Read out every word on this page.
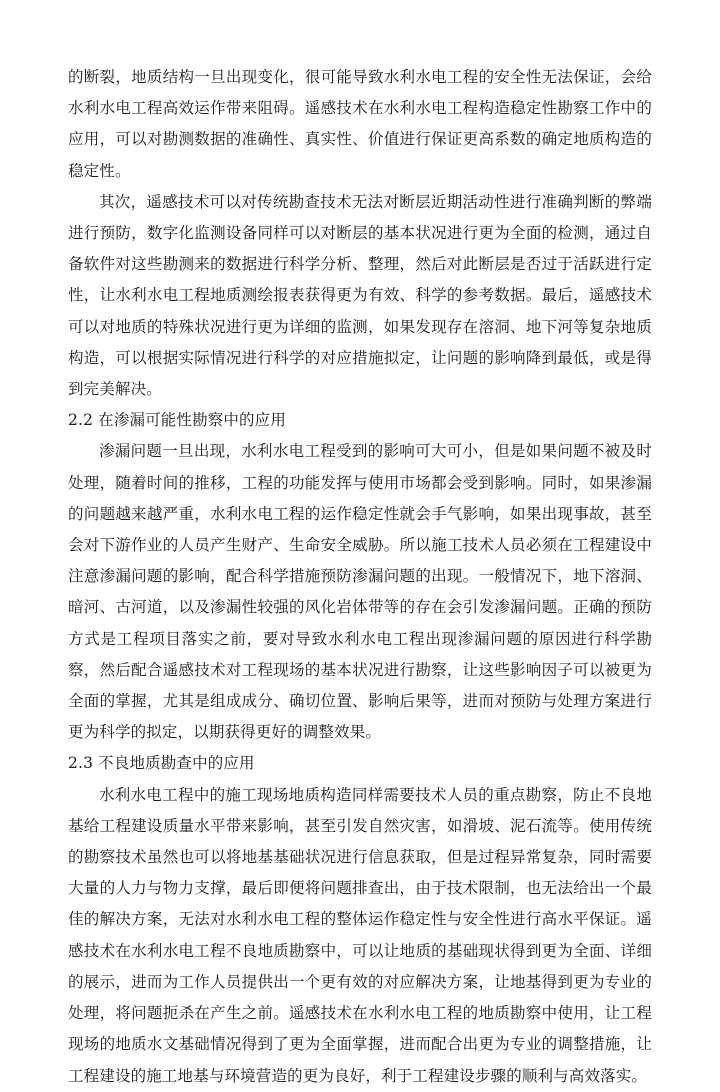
的断裂，地质结构一旦出现变化，很可能导致水利水电工程的安全性无法保证，会给水利水电工程高效运作带来阻碍。遥感技术在水利水电工程构造稳定性勘察工作中的应用，可以对勘测数据的准确性、真实性、价值进行保证更高系数的确定地质构造的稳定性。

其次，遥感技术可以对传统勘查技术无法对断层近期活动性进行准确判断的弊端进行预防，数字化监测设备同样可以对断层的基本状况进行更为全面的检测，通过自备软件对这些勘测来的数据进行科学分析、整理，然后对此断层是否过于活跃进行定性，让水利水电工程地质测绘报表获得更为有效、科学的参考数据。最后，遥感技术可以对地质的特殊状况进行更为详细的监测，如果发现存在溶洞、地下河等复杂地质构造，可以根据实际情况进行科学的对应措施拟定，让问题的影响降到最低，或是得到完美解决。

2.2 在渗漏可能性勘察中的应用

渗漏问题一旦出现，水利水电工程受到的影响可大可小，但是如果问题不被及时处理，随着时间的推移，工程的功能发挥与使用市场都会受到影响。同时，如果渗漏的问题越来越严重，水利水电工程的运作稳定性就会手气影响，如果出现事故，甚至会对下游作业的人员产生财产、生命安全威胁。所以施工技术人员必须在工程建设中注意渗漏问题的影响，配合科学措施预防渗漏问题的出现。一般情况下，地下溶洞、暗河、古河道，以及渗漏性较强的风化岩体带等的存在会引发渗漏问题。正确的预防方式是工程项目落实之前，要对导致水利水电工程出现渗漏问题的原因进行科学勘察，然后配合遥感技术对工程现场的基本状况进行勘察，让这些影响因子可以被更为全面的掌握，尤其是组成成分、确切位置、影响后果等，进而对预防与处理方案进行更为科学的拟定，以期获得更好的调整效果。

2.3 不良地质勘查中的应用

水利水电工程中的施工现场地质构造同样需要技术人员的重点勘察，防止不良地基给工程建设质量水平带来影响，甚至引发自然灾害，如滑坡、泥石流等。使用传统的勘察技术虽然也可以将地基基础状况进行信息获取，但是过程异常复杂，同时需要大量的人力与物力支撑，最后即便将问题排查出，由于技术限制，也无法给出一个最佳的解决方案，无法对水利水电工程的整体运作稳定性与安全性进行高水平保证。遥感技术在水利水电工程不良地质勘察中，可以让地质的基础现状得到更为全面、详细的展示，进而为工作人员提供出一个更有效的对应解决方案，让地基得到更为专业的处理，将问题扼杀在产生之前。遥感技术在水利水电工程的地质勘察中使用，让工程现场的地质水文基础情况得到了更为全面掌握，进而配合出更为专业的调整措施，让工程建设的施工地基与环境营造的更为良好，利于工程建设步骤的顺利与高效落实。
